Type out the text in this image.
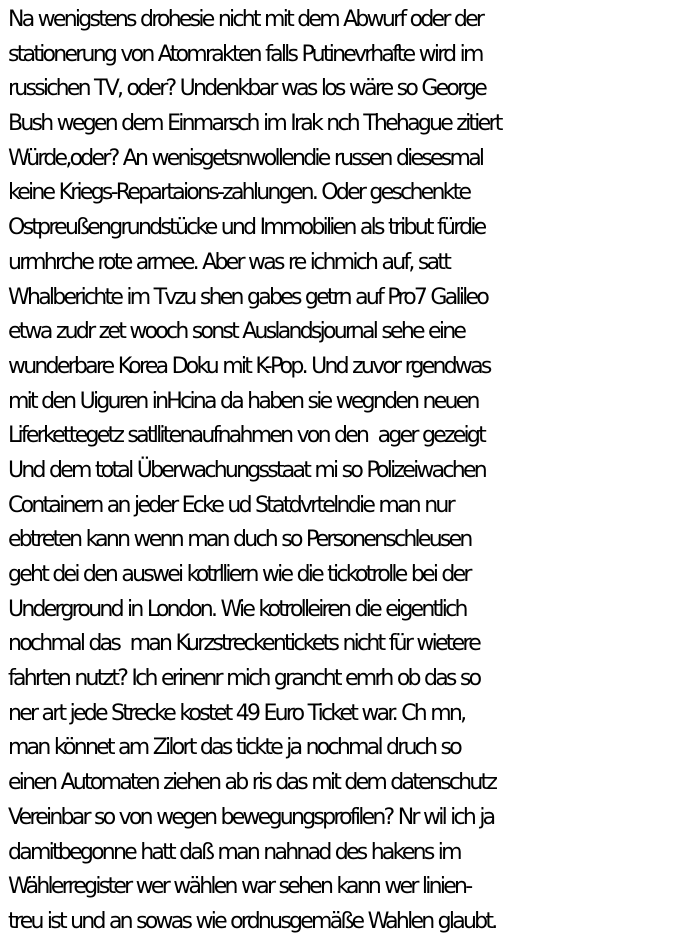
Na wenigstens drohesie nicht mit dem Abwurf oder der
stationerung von Atomrakten falls Putinevrhafte wird im
russichen TV, oder? Undenkbar was los wäre so George
Bush wegen dem Einmarsch im Irak nch Thehague zitiert
Würde,oder? An wenisgetsnwollendie russen diesesmal
keine Kriegs-Repartaions-zahlungen. Oder geschenkte
Ostpreußengrundstücke und Immobilien als tribut fürdie
urmhrche rote armee. Aber was re ichmich auf, satt
Whalberichte im Tvzu shen gabes getrn auf Pro7 Galileo
etwa zudr zet wooch sonst Auslandsjournal sehe eine
wunderbare Korea Doku mit K-Pop. Und zuvor rgendwas
mit den Uiguren inHcina da haben sie wegnden neuen
Liferkettegetz satllitenaufnahmen von den  ager gezeigt
Und dem total Überwachungsstaat mi so Polizeiwachen
Containern an jeder Ecke ud Statdvrtelndie man nur
ebtreten kann wenn man duch so Personenschleusen
geht dei den auswei kotrlliern wie die tickotrolle bei der
Underground in London. Wie kotrolleiren die eigentlich
nochmal das  man Kurzstreckentickets nicht für wietere
fahrten nutzt? Ich erinenr mich grancht emrh ob das so
ner art jede Strecke kostet 49 Euro Ticket war. Ch mn,
man könnet am Zilort das tickte ja nochmal druch so
einen Automaten ziehen ab ris das mit dem datenschutz
Vereinbar so von wegen bewegungsprofilen? Nr wil ich ja
damitbegonne hatt daß man nahnad des hakens im
Wählerregister wer wählen war sehen kann wer linien-
treu ist und an sowas wie ordnusgemäße Wahlen glaubt.
